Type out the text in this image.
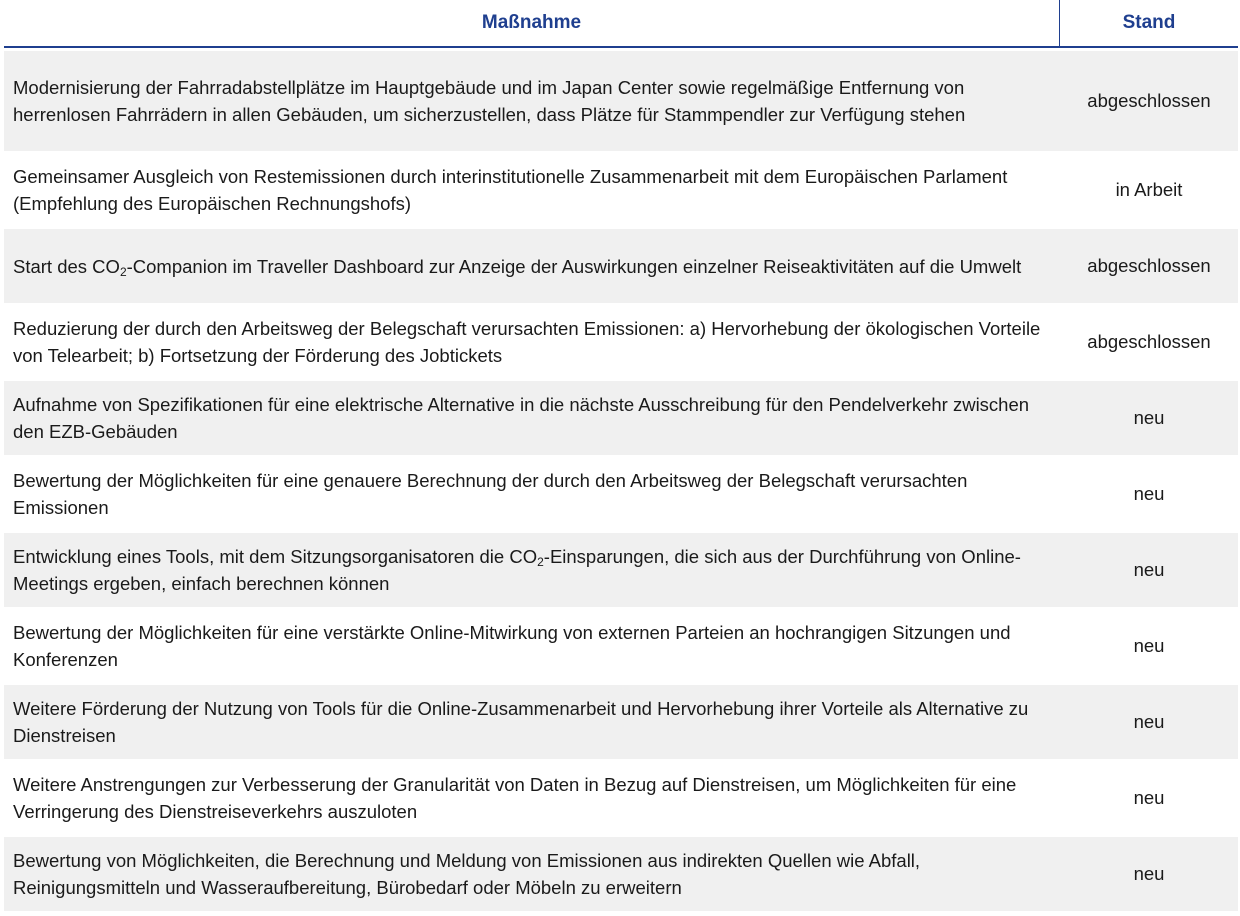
Maßnahme	Stand
Modernisierung der Fahrradabstellplätze im Hauptgebäude und im Japan Center sowie regelmäßige Entfernung von herrenlosen Fahrrädern in allen Gebäuden, um sicherzustellen, dass Plätze für Stammpendler zur Verfügung stehen
abgeschlossen
Gemeinsamer Ausgleich von Restemissionen durch interinstitutionelle Zusammenarbeit mit dem Europäischen Parlament (Empfehlung des Europäischen Rechnungshofs)
in Arbeit
Start des $CO_2$-Companion im Traveller Dashboard zur Anzeige der Auswirkungen einzelner Reiseaktivitäten auf die Umwelt	abgeschlossen
Reduzierung der durch den Arbeitsweg der Belegschaft verursachten Emissionen: a) Hervorhebung der ökologischen Vorteile von Telearbeit; b) Fortsetzung der Förderung des Jobtickets
abgeschlossen
Aufnahme von Spezifikationen für eine elektrische Alternative in die nächste Ausschreibung für den Pendelverkehr zwischen den EZB-Gebäuden
neu
Bewertung der Möglichkeiten für eine genauere Berechnung der durch den Arbeitsweg der Belegschaft verursachten Emissionen
neu
Entwicklung eines Tools, mit dem Sitzungsorganisatoren die $CO_2$-Einsparungen, die sich aus der Durchführung von Online-Meetings ergeben, einfach berechnen können
neu
Bewertung der Möglichkeiten für eine verstärkte Online-Mitwirkung von externen Parteien an hochrangigen Sitzungen und Konferenzen
neu
Weitere Förderung der Nutzung von Tools für die Online-Zusammenarbeit und Hervorhebung ihrer Vorteile als Alternative zu Dienstreisen
neu
Weitere Anstrengungen zur Verbesserung der Granularität von Daten in Bezug auf Dienstreisen, um Möglichkeiten für eine Verringerung des Dienstreiseverkehrs auszuloten
neu
Bewertung von Möglichkeiten, die Berechnung und Meldung von Emissionen aus indirekten Quellen wie Abfall, Reinigungsmitteln und Wasseraufbereitung, Bürobedarf oder Möbeln zu erweitern
neu
